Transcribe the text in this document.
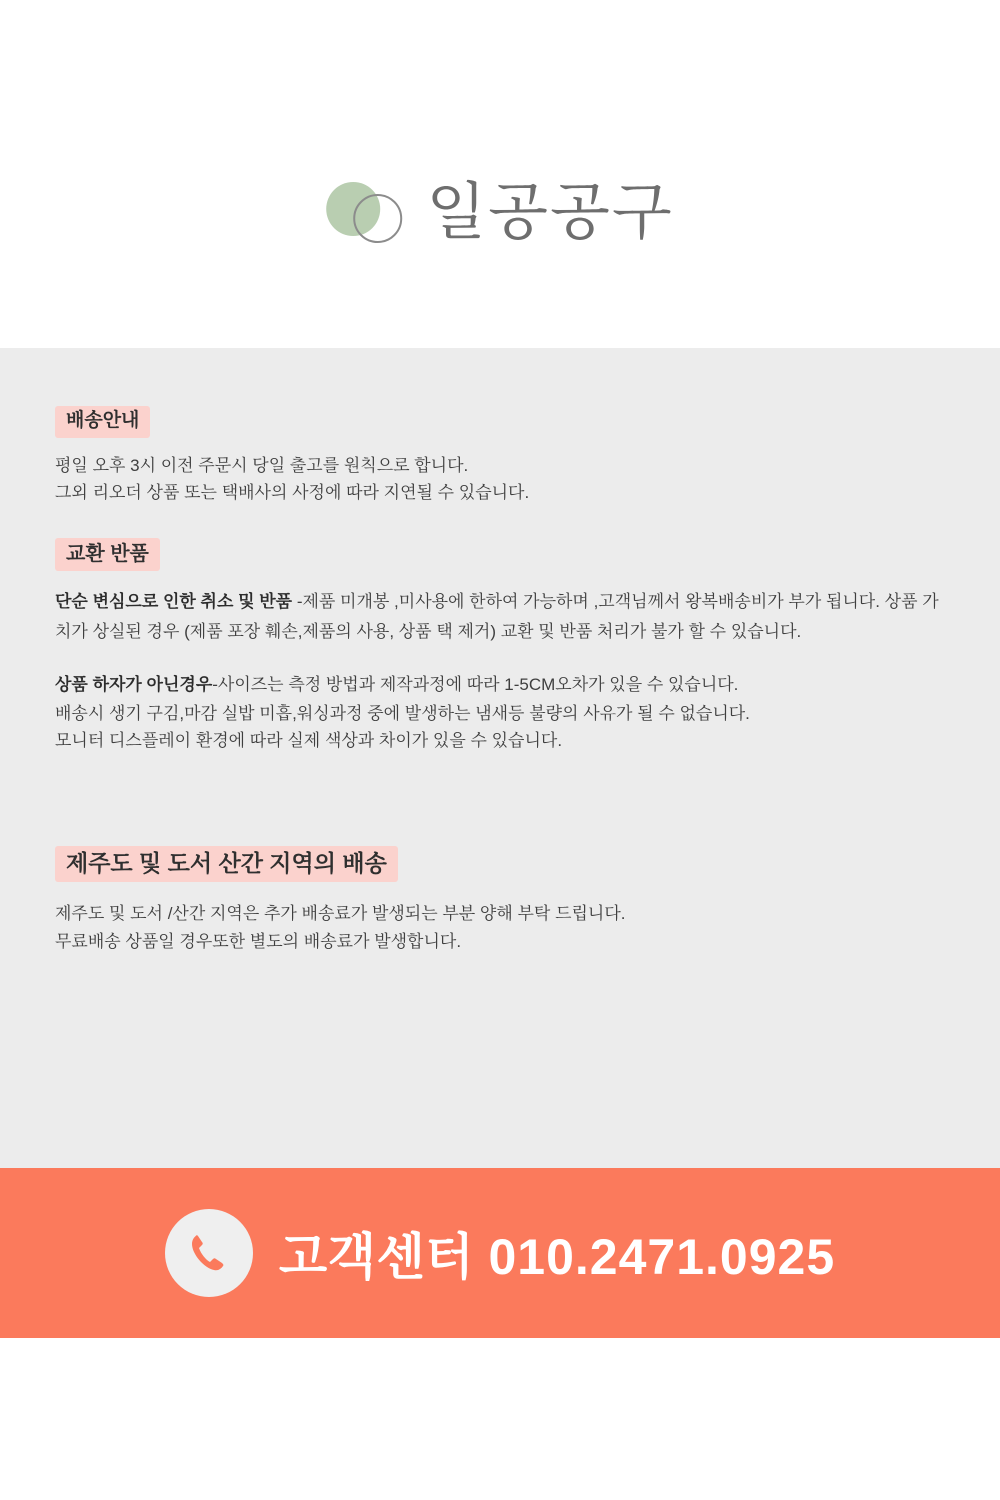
일공공구
배송안내

평일 오후 3시 이전 주문시 당일 출고를 원칙으로 합니다.

그외 리오더 상품 또는 택배사의 사정에 따라 지연될 수 있습니다.

교환 반품

단순 변심으로 인한 취소 및 반품 -제품 미개봉 ,미사용에 한하여 가능하며 ,고객님께서 왕복배송비가 부가 됩니다. 상품 가치가 상실된 경우 (제품 포장 훼손,제품의 사용, 상품 택 제거) 교환 및 반품 처리가 불가 할 수 있습니다.

상품 하자가 아닌경우-사이즈는 측정 방법과 제작과정에 따라 1-5CM오차가 있을 수 있습니다.

배송시 생기 구김,마감 실밥 미흡,워싱과정 중에 발생하는 냄새등 불량의 사유가 될 수 없습니다.

모니터 디스플레이 환경에 따라 실제 색상과 차이가 있을 수 있습니다.

제주도 및 도서 산간 지역의 배송

제주도 및 도서 /산간 지역은 추가 배송료가 발생되는 부분 양해 부탁 드립니다.

무료배송 상품일 경우또한 별도의 배송료가 발생합니다.

고객센터 010.2471.0925
